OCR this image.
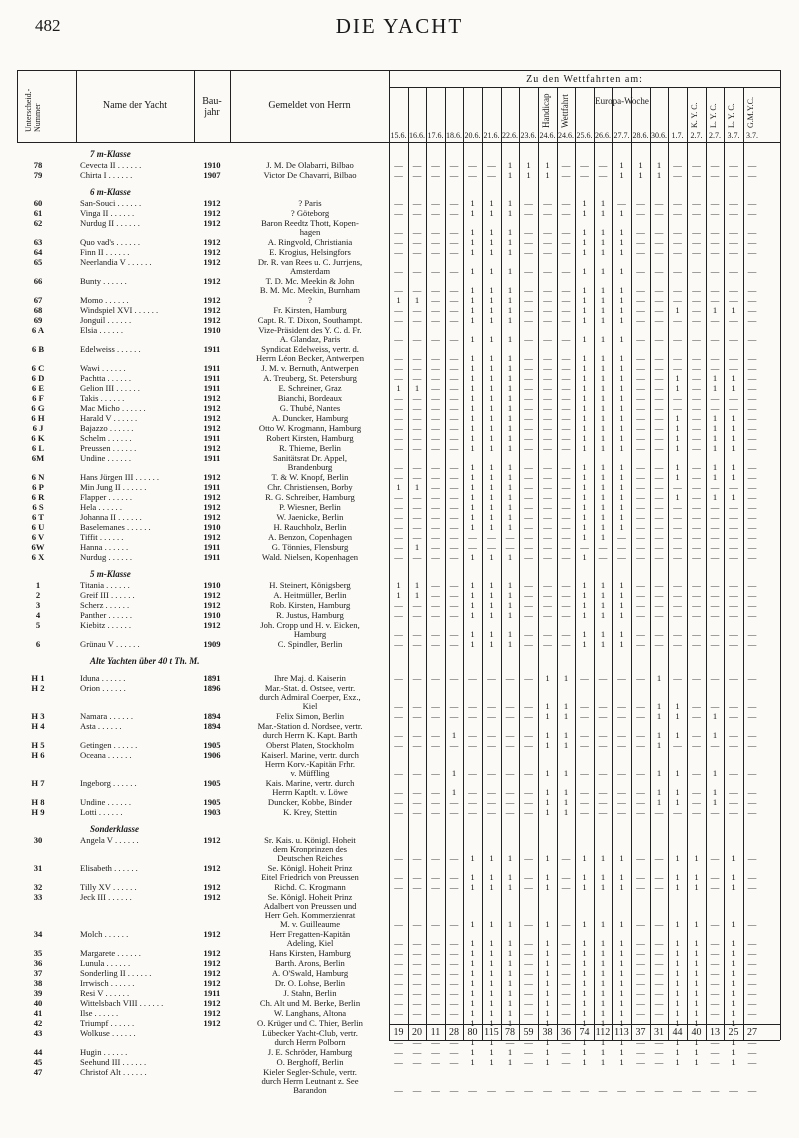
482	DIE YACHT
Unterscheid.-Nummer	Name der Yacht	Bau-jahr
Gemeldet von Herrn
Zu den Wettfahrten am:
Handicap Wettfahrt	Europa-Woche
K. Y. C. L. Y. C. L. Y. C. G.M.Y.C.
15.6. 16.6. 17.6. 18.6. 20.6. 21.6. 22.6. 23.6. 24.6. 24.6. 25.6. 26.6. 27.7. 28.6. 30.6. 1.7. 2.7. 2.7. 3.7. 3.7.
7 m-Klasse
78	Cevecta II . . . . . .	1910	J. M. De Olabarri, Bilbao	—	—	—	—	—	—	1	1	1	—	—	—	1	1	1	—	—	—	—	—
79	Chirta I . . . . . .	1907	Victor De Chavarri, Bilbao	—	—	—	—	—	—	1	1	1	—	—	—	1	1	1	—	—	—	—	—
6 m-Klasse
60	San-Souci . . . . . .	1912	? Paris	—	—	—	—	1	1	1	—	—	—	1	1	—	—	—	—	—	—	—	—
61	Vinga II . . . . . .	1912	? Göteborg	—	—	—	—	1	1	1	—	—	—	1	1	1	—	—	—	—	—	—	—
62	Nurdug II . . . . . .	1912	Baron Reedtz Thott, Kopen-
hagen	—	—	—	—	1	1	1	—	—	—	1	1	1	—	—	—	—	—	—	—
63	Quo vad's . . . . . .	1912	A. Ringvold, Christiania	—	—	—	—	1	1	1	—	—	—	1	1	1	—	—	—	—	—	—	—
64	Finn II . . . . . .	1912	E. Krogius, Helsingfors	—	—	—	—	1	1	1	—	—	—	1	1	1	—	—	—	—	—	—	—
65	Neerlandia V . . . . . .	1912	Dr. R. van Rees u. C. Jurrjens,
Amsterdam	—	—	—	—	1	1	1	—	—	—	1	1	1	—	—	—	—	—	—	—
66	Bunty . . . . . .	1912	T. D. Mc. Meekin & John
B. M. Mc. Meekin, Burnham	—	—	—	—	1	1	1	—	—	—	1	1	1	—	—	—	—	—	—	—
67	Momo . . . . . .	1912	?	1	1	—	—	1	1	1	—	—	—	1	1	1	—	—	—	—	—	—	—
68	Windspiel XVI . . . . . .	1912	Fr. Kirsten, Hamburg	—	—	—	—	1	1	1	—	—	—	1	1	1	—	—	1	—	1	1	—
69	Jonguil . . . . . .	1912	Capt. R. T. Dixon, Southampt.	—	—	—	—	1	1	1	—	—	—	1	1	1	—	—	—	—	—	—	—
6 A	Elsia . . . . . .	1910	Vize-Präsident des Y. C. d. Fr.
A. Glandaz, Paris	—	—	—	—	1	1	1	—	—	—	1	1	1	—	—	—	—	—	—	—
6 B	Edelweiss . . . . . .	1911	Syndicat Edelweiss, vertr. d.
Herrn Léon Becker, Antwerpen	—	—	—	—	1	1	1	—	—	—	1	1	1	—	—	—	—	—	—	—
6 C	Wawi . . . . . .	1911	J. M. v. Bernuth, Antwerpen	—	—	—	—	1	1	1	—	—	—	1	1	1	—	—	—	—	—	—	—
6 D	Pachtta . . . . . .	1911	A. Treuberg, St. Petersburg	—	—	—	—	1	1	1	—	—	—	1	1	1	—	—	1	—	1	1	—
6 E	Gelion III . . . . . .	1911	E. Schreiner, Graz	1	1	—	—	1	1	1	—	—	—	1	1	1	—	—	1	—	1	1	—
6 F	Takis . . . . . .	1912	Bianchi, Bordeaux	—	—	—	—	1	1	1	—	—	—	1	1	1	—	—	—	—	—	—	—
6 G	Mac Micho . . . . . .	1912	G. Thubé, Nantes	—	—	—	—	1	1	1	—	—	—	1	1	1	—	—	—	—	—	—	—
6 H	Harald V . . . . . .	1912	A. Duncker, Hamburg	—	—	—	—	1	1	1	—	—	—	1	1	1	—	—	1	—	1	1	—
6 J	Bajazzo . . . . . .	1912	Otto W. Krogmann, Hamburg	—	—	—	—	1	1	1	—	—	—	1	1	1	—	—	1	—	1	1	—
6 K	Schelm . . . . . .	1911	Robert Kirsten, Hamburg	—	—	—	—	1	1	1	—	—	—	1	1	1	—	—	1	—	1	1	—
6 L	Preussen . . . . . .	1912	R. Thieme, Berlin	—	—	—	—	1	1	1	—	—	—	1	1	1	—	—	1	—	1	1	—
6M	Undine . . . . . .	1911	Sanitätsrat Dr. Appel,
Brandenburg	—	—	—	—	1	1	1	—	—	—	1	1	1	—	—	1	—	1	1	—
6 N	Hans Jürgen III . . . . . .	1912	T. & W. Knopf, Berlin	—	—	—	—	1	1	1	—	—	—	1	1	1	—	—	1	—	1	1	—
6 P	Min Jung II . . . . . .	1911	Chr. Christiensen, Borby	1	1	—	—	1	1	1	—	—	—	1	1	1	—	—	—	—	—	—	—
6 R	Flapper . . . . . .	1912	R. G. Schreiber, Hamburg	—	—	—	—	1	1	1	—	—	—	1	1	1	—	—	1	—	1	1	—
6 S	Hela . . . . . .	1912	P. Wiesner, Berlin	—	—	—	—	1	1	1	—	—	—	1	1	1	—	—	—	—	—	—	—
6 T	Johanna II . . . . . .	1912	W. Jaenicke, Berlin	—	—	—	—	1	1	1	—	—	—	1	1	1	—	—	—	—	—	—	—
6 U	Baselemanes . . . . . .	1910	H. Rauchholz, Berlin	—	—	—	—	1	1	1	—	—	—	1	1	1	—	—	—	—	—	—	—
6 V	Tiffit . . . . . .	1912	A. Benzon, Copenhagen	—	—	—	—	—	—	—	—	—	—	1	1	—	—	—	—	—	—	—	—
6W	Hanna . . . . . .	1911	G. Tönnies, Flensburg	—	1	—	—	—	—	—	—	—	—	—	—	—	—	—	—	—	—	—	—
6 X	Nurdug . . . . . .	1911	Wald. Nielsen, Kopenhagen	—	—	—	—	1	1	1	—	—	—	1	—	—	—	—	—	—	—	—	—
5 m-Klasse
1	Titania . . . . . .	1910	H. Steinert, Königsberg	1	1	—	—	1	1	1	—	—	—	1	1	1	—	—	—	—	—	—	—
2	Greif III . . . . . .	1912	A. Heitmüller, Berlin	1	1	—	—	1	1	1	—	—	—	1	1	1	—	—	—	—	—	—	—
3	Scherz . . . . . .	1912	Rob. Kirsten, Hamburg	—	—	—	—	1	1	1	—	—	—	1	1	1	—	—	—	—	—	—	—
4	Panther . . . . . .	1910	R. Justus, Hamburg	—	—	—	—	1	1	1	—	—	—	1	1	1	—	—	—	—	—	—	—
5	Kiebitz . . . . . .	1912	Joh. Cropp und H. v. Eicken,
Hamburg	—	—	—	—	1	1	1	—	—	—	1	1	1	—	—	—	—	—	—	—
6	Grünau V . . . . . .	1909	C. Spindler, Berlin	—	—	—	—	1	1	1	—	—	—	1	1	1	—	—	—	—	—	—	—
Alte Yachten über 40 t Th. M.
H 1	Iduna . . . . . .	1891	Ihre Maj. d. Kaiserin	—	—	—	—	—	—	—	—	1	1	—	—	—	—	1	—	—	—	—	—
H 2	Orion . . . . . .	1896	Mar.-Stat. d. Ostsee, vertr.
durch Admiral Coerper, Exz.,
Kiel	—	—	—	—	—	—	—	—	1	1	—	—	—	—	1	1	—	—	—	—
H 3	Namara . . . . . .	1894	Felix Simon, Berlin	—	—	—	—	—	—	—	—	1	1	—	—	—	—	1	1	—	1	—	—
H 4	Asta . . . . . .	1894	Mar.-Station d. Nordsee, vertr.
durch Herrn K. Kapt. Barth	—	—	—	1	—	—	—	—	1	1	—	—	—	—	1	1	—	1	—	—
H 5	Getingen . . . . . .	1905	Oberst Platen, Stockholm	—	—	—	—	—	—	—	—	1	1	—	—	—	—	1	—	—	—	—	—
H 6	Oceana . . . . . .	1906	Kaiserl. Marine, vertr. durch
Herrn Korv.-Kapitän Frhr.
v. Müffling	—	—	—	1	—	—	—	—	1	1	—	—	—	—	1	1	—	1	—	—
H 7	Ingeborg . . . . . .	1905	Kais. Marine, vertr. durch
Herrn Kaptlt. v. Löwe	—	—	—	1	—	—	—	—	1	1	—	—	—	—	1	1	—	1	—	—
H 8	Undine . . . . . .	1905	Duncker, Kobbe, Binder	—	—	—	—	—	—	—	—	1	1	—	—	—	—	1	1	—	1	—	—
H 9	Lotti . . . . . .	1903	K. Krey, Stettin	—	—	—	—	—	—	—	—	1	1	—	—	—	—	—	—	—	—	—	—
Sonderklasse
30	Angela V . . . . . .	1912	Sr. Kais. u. Königl. Hoheit
dem Kronprinzen des
Deutschen Reiches	—	—	—	—	1	1	1	—	1	—	1	1	1	—	—	1	1	—	1	—
31	Elisabeth . . . . . .	1912	Se. Königl. Hoheit Prinz
Eitel Friedrich von Preussen	—	—	—	—	1	1	1	—	1	—	1	1	1	—	—	1	1	—	1	—
32	Tilly XV . . . . . .	1912	Richd. C. Krogmann	—	—	—	—	1	1	1	—	1	—	1	1	1	—	—	1	1	—	1	—
33	Jeck III . . . . . .	1912	Se. Königl. Hoheit Prinz
Adalbert von Preussen und
Herr Geh. Kommerzienrat
M. v. Guilleaume	—	—	—	—	1	1	1	—	1	—	1	1	1	—	—	1	1	—	1	—
34	Molch . . . . . .	1912	Herr Fregatten-Kapitän
Adeling, Kiel	—	—	—	—	1	1	1	—	1	—	1	1	1	—	—	1	1	—	1	—
35	Margarete . . . . . .	1912	Hans Kirsten, Hamburg	—	—	—	—	1	1	1	—	1	—	1	1	1	—	—	1	1	—	1	—
36	Lunula . . . . . .	1912	Barth. Arons, Berlin	—	—	—	—	1	1	1	—	1	—	1	1	1	—	—	1	1	—	1	—
37	Sonderling II . . . . . .	1912	A. O'Swald, Hamburg	—	—	—	—	1	1	1	—	1	—	1	1	1	—	—	1	1	—	1	—
38	Irrwisch . . . . . .	1912	Dr. O. Lohse, Berlin	—	—	—	—	1	1	1	—	1	—	1	1	1	—	—	1	1	—	1	—
39	Resi V . . . . . .	1911	J. Stahn, Berlin	—	—	—	—	1	1	1	—	1	—	1	1	1	—	—	1	1	—	1	—
40	Wittelsbach VIII . . . . . .	1912	Ch. Alt und M. Berke, Berlin	—	—	—	—	1	1	1	—	1	—	1	1	1	—	—	1	1	—	1	—
41	Ilse . . . . . .	1912	W. Langhans, Altona	—	—	—	—	1	1	1	—	1	—	1	1	1	—	—	1	1	—	1	—
42	Triumpf . . . . . .	1912	O. Krüger und C. Thier, Berlin	—	—	—	—	1	1	1	—	1	—	1	1	1	—	—	1	1	—	1	—
43	Wolkuse . . . . . .	Lübecker Yacht-Club, vertr.
durch Herrn Polborn	—	—	—	—	1	1	—	—	1	—	1	1	1	—	—	1	1	—	1	—
44	Hugin . . . . . .	J. E. Schröder, Hamburg	—	—	—	—	1	1	1	—	1	—	1	1	1	—	—	1	1	—	1	—
45	Seehund III . . . . . .	O. Berghoff, Berlin	—	—	—	—	1	1	1	—	1	—	1	1	1	—	—	1	1	—	1	—
47	Christof Alt . . . . . .	Kieler Segler-Schule, vertr.
durch Herrn Leutnant z. See
Barandon	—	—	—	—	—	—	—	—	—	—	—	—	—	—	—	—	—	—	—	—
19 20 11 28 80 115 78 59 38 36 74 112 113 37 31 44 40 13 25 27
